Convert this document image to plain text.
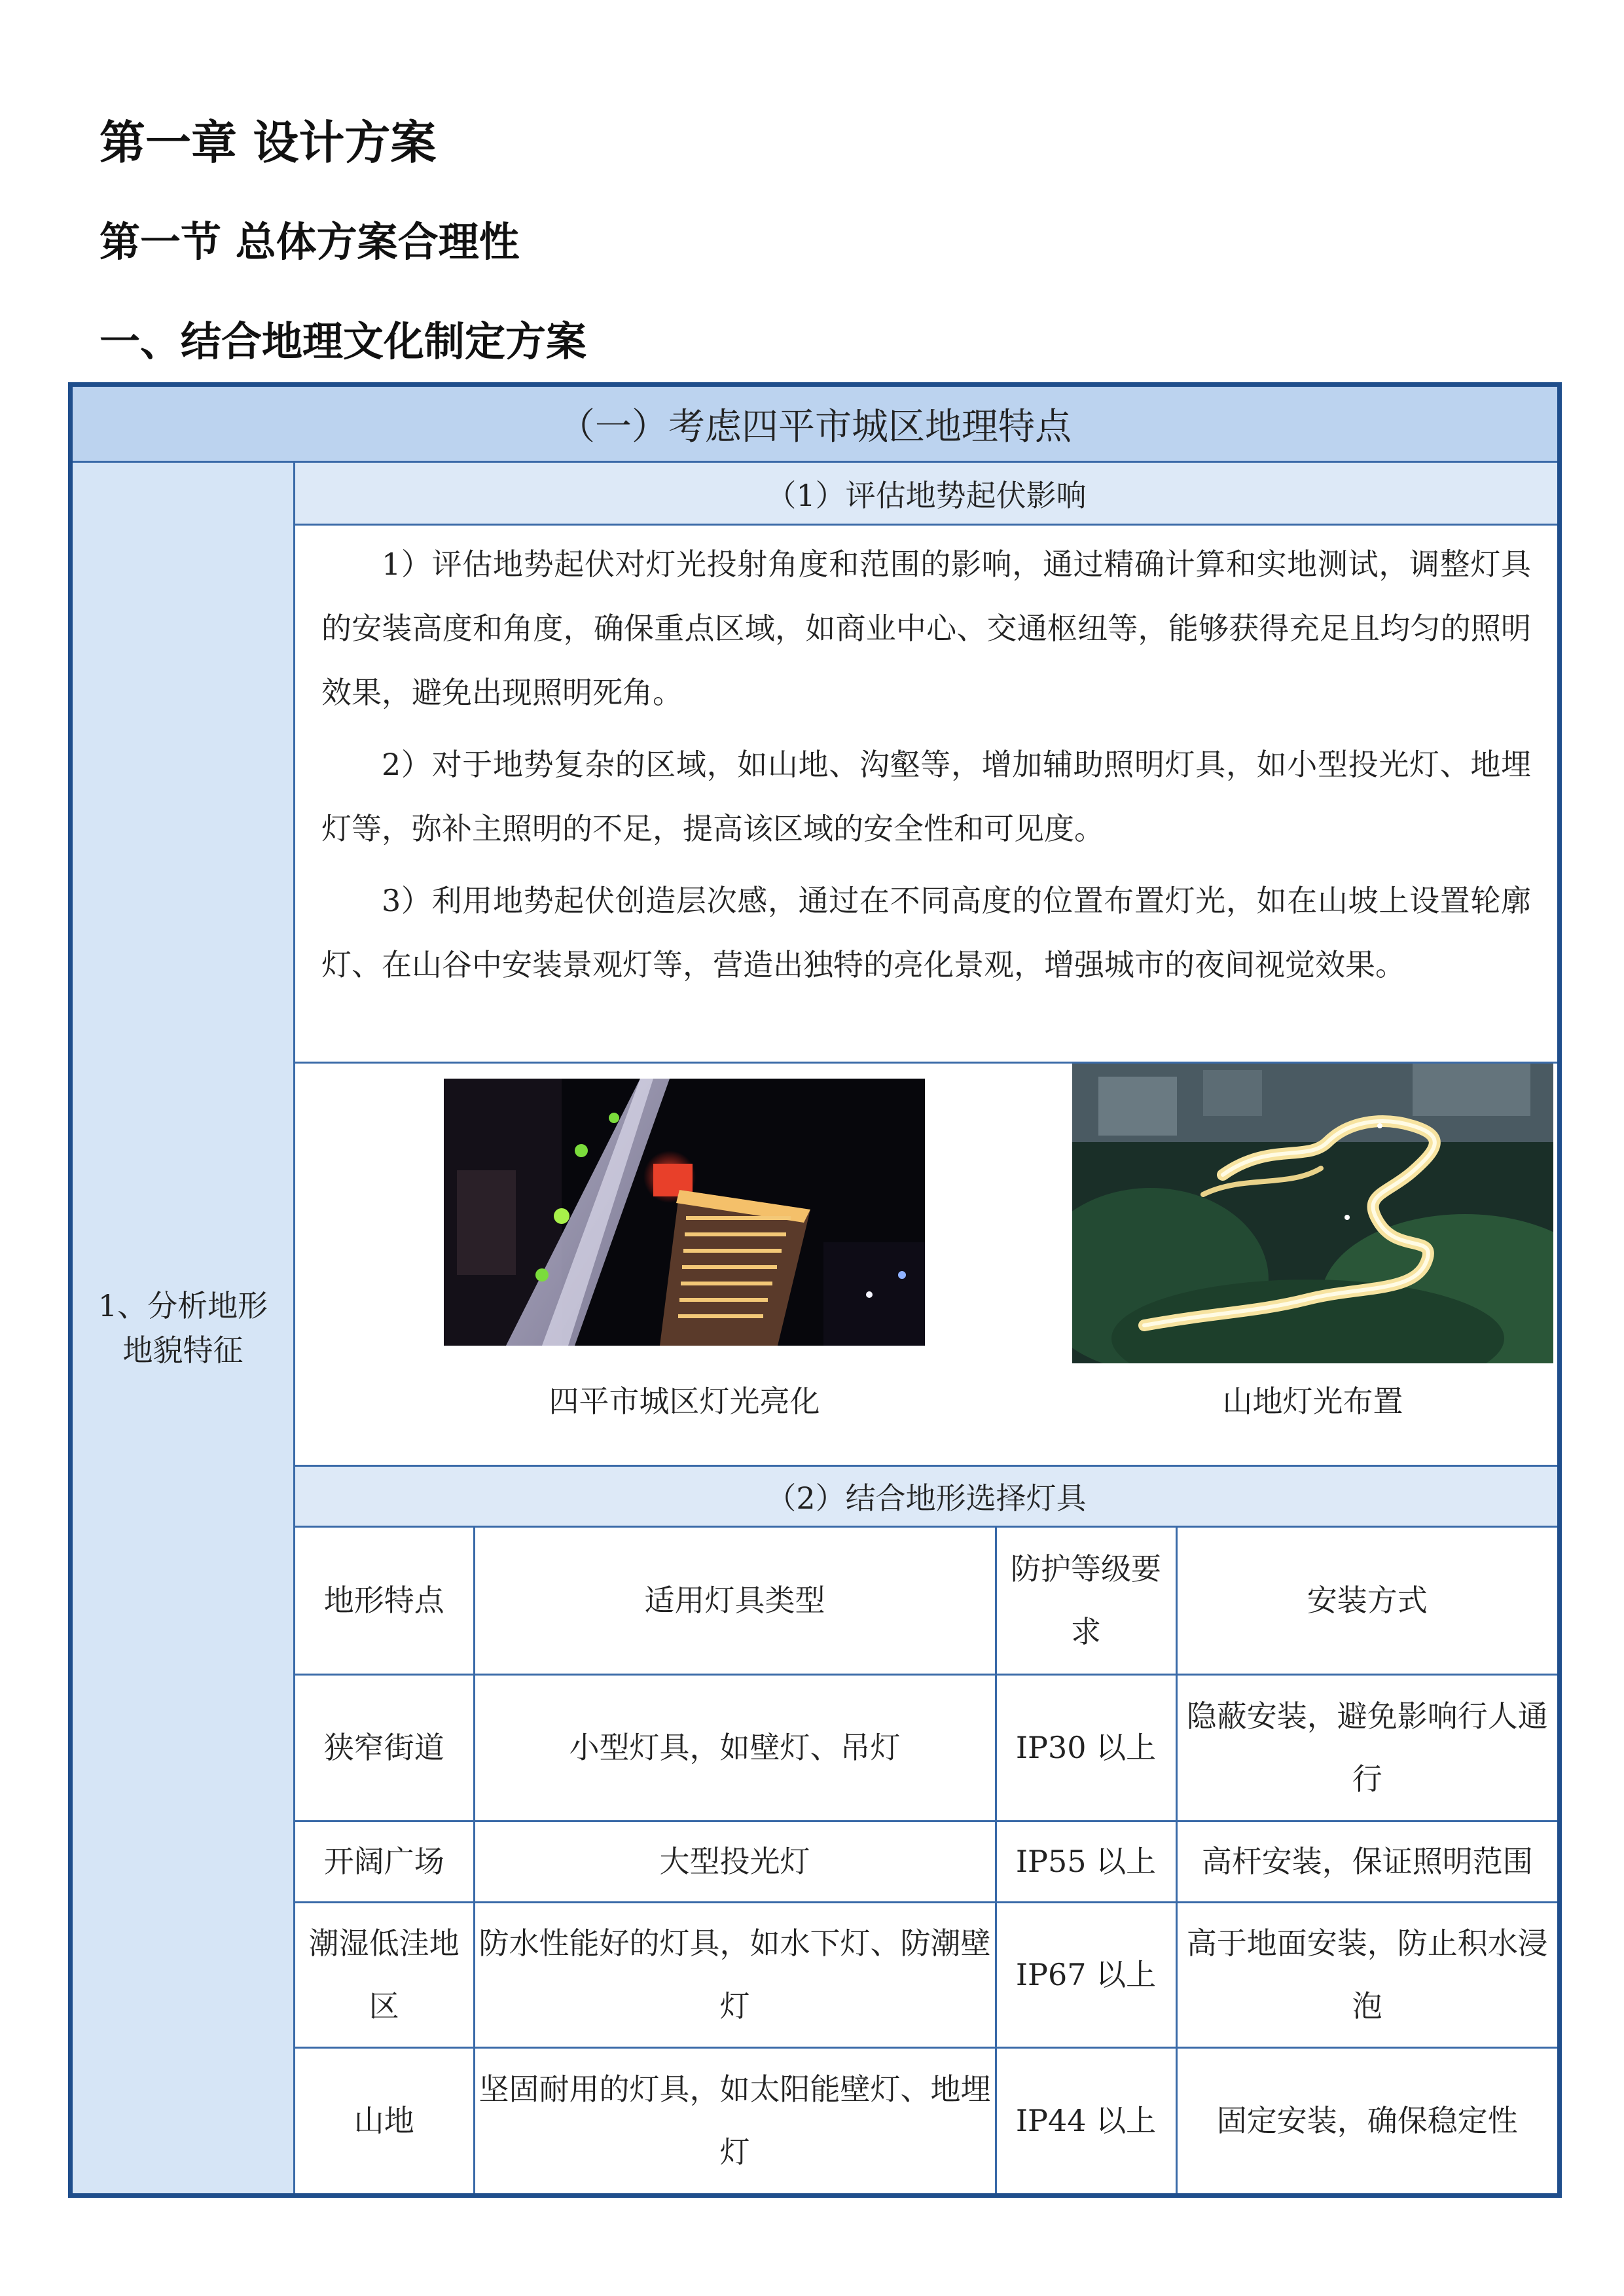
第一章 设计方案
第一节 总体方案合理性
一、结合地理文化制定方案
（一）考虑四平市城区地理特点
1、分析地形地貌特征
（1）评估地势起伏影响

1）评估地势起伏对灯光投射角度和范围的影响，通过精确计算和实地测试，调整灯具的安装高度和角度，确保重点区域，如商业中心、交通枢纽等，能够获得充足且均匀的照明效果，避免出现照明死角。

2）对于地势复杂的区域，如山地、沟壑等，增加辅助照明灯具，如小型投光灯、地埋灯等，弥补主照明的不足，提高该区域的安全性和可见度。

3）利用地势起伏创造层次感，通过在不同高度的位置布置灯光，如在山坡上设置轮廓灯、在山谷中安装景观灯等，营造出独特的亮化景观，增强城市的夜间视觉效果。

四平市城区灯光亮化	山地灯光布置
（2）结合地形选择灯具
地形特点	适用灯具类型	防护等级要求	安装方式
狭窄街道	小型灯具，如壁灯、吊灯	IP30 以上	隐蔽安装，避免影响行人通行
开阔广场	大型投光灯	IP55 以上	高杆安装，保证照明范围
潮湿低洼地区	防水性能好的灯具，如水下灯、防潮壁灯	IP67 以上	高于地面安装，防止积水浸泡
山地	坚固耐用的灯具，如太阳能壁灯、地埋灯	IP44 以上	固定安装，确保稳定性
